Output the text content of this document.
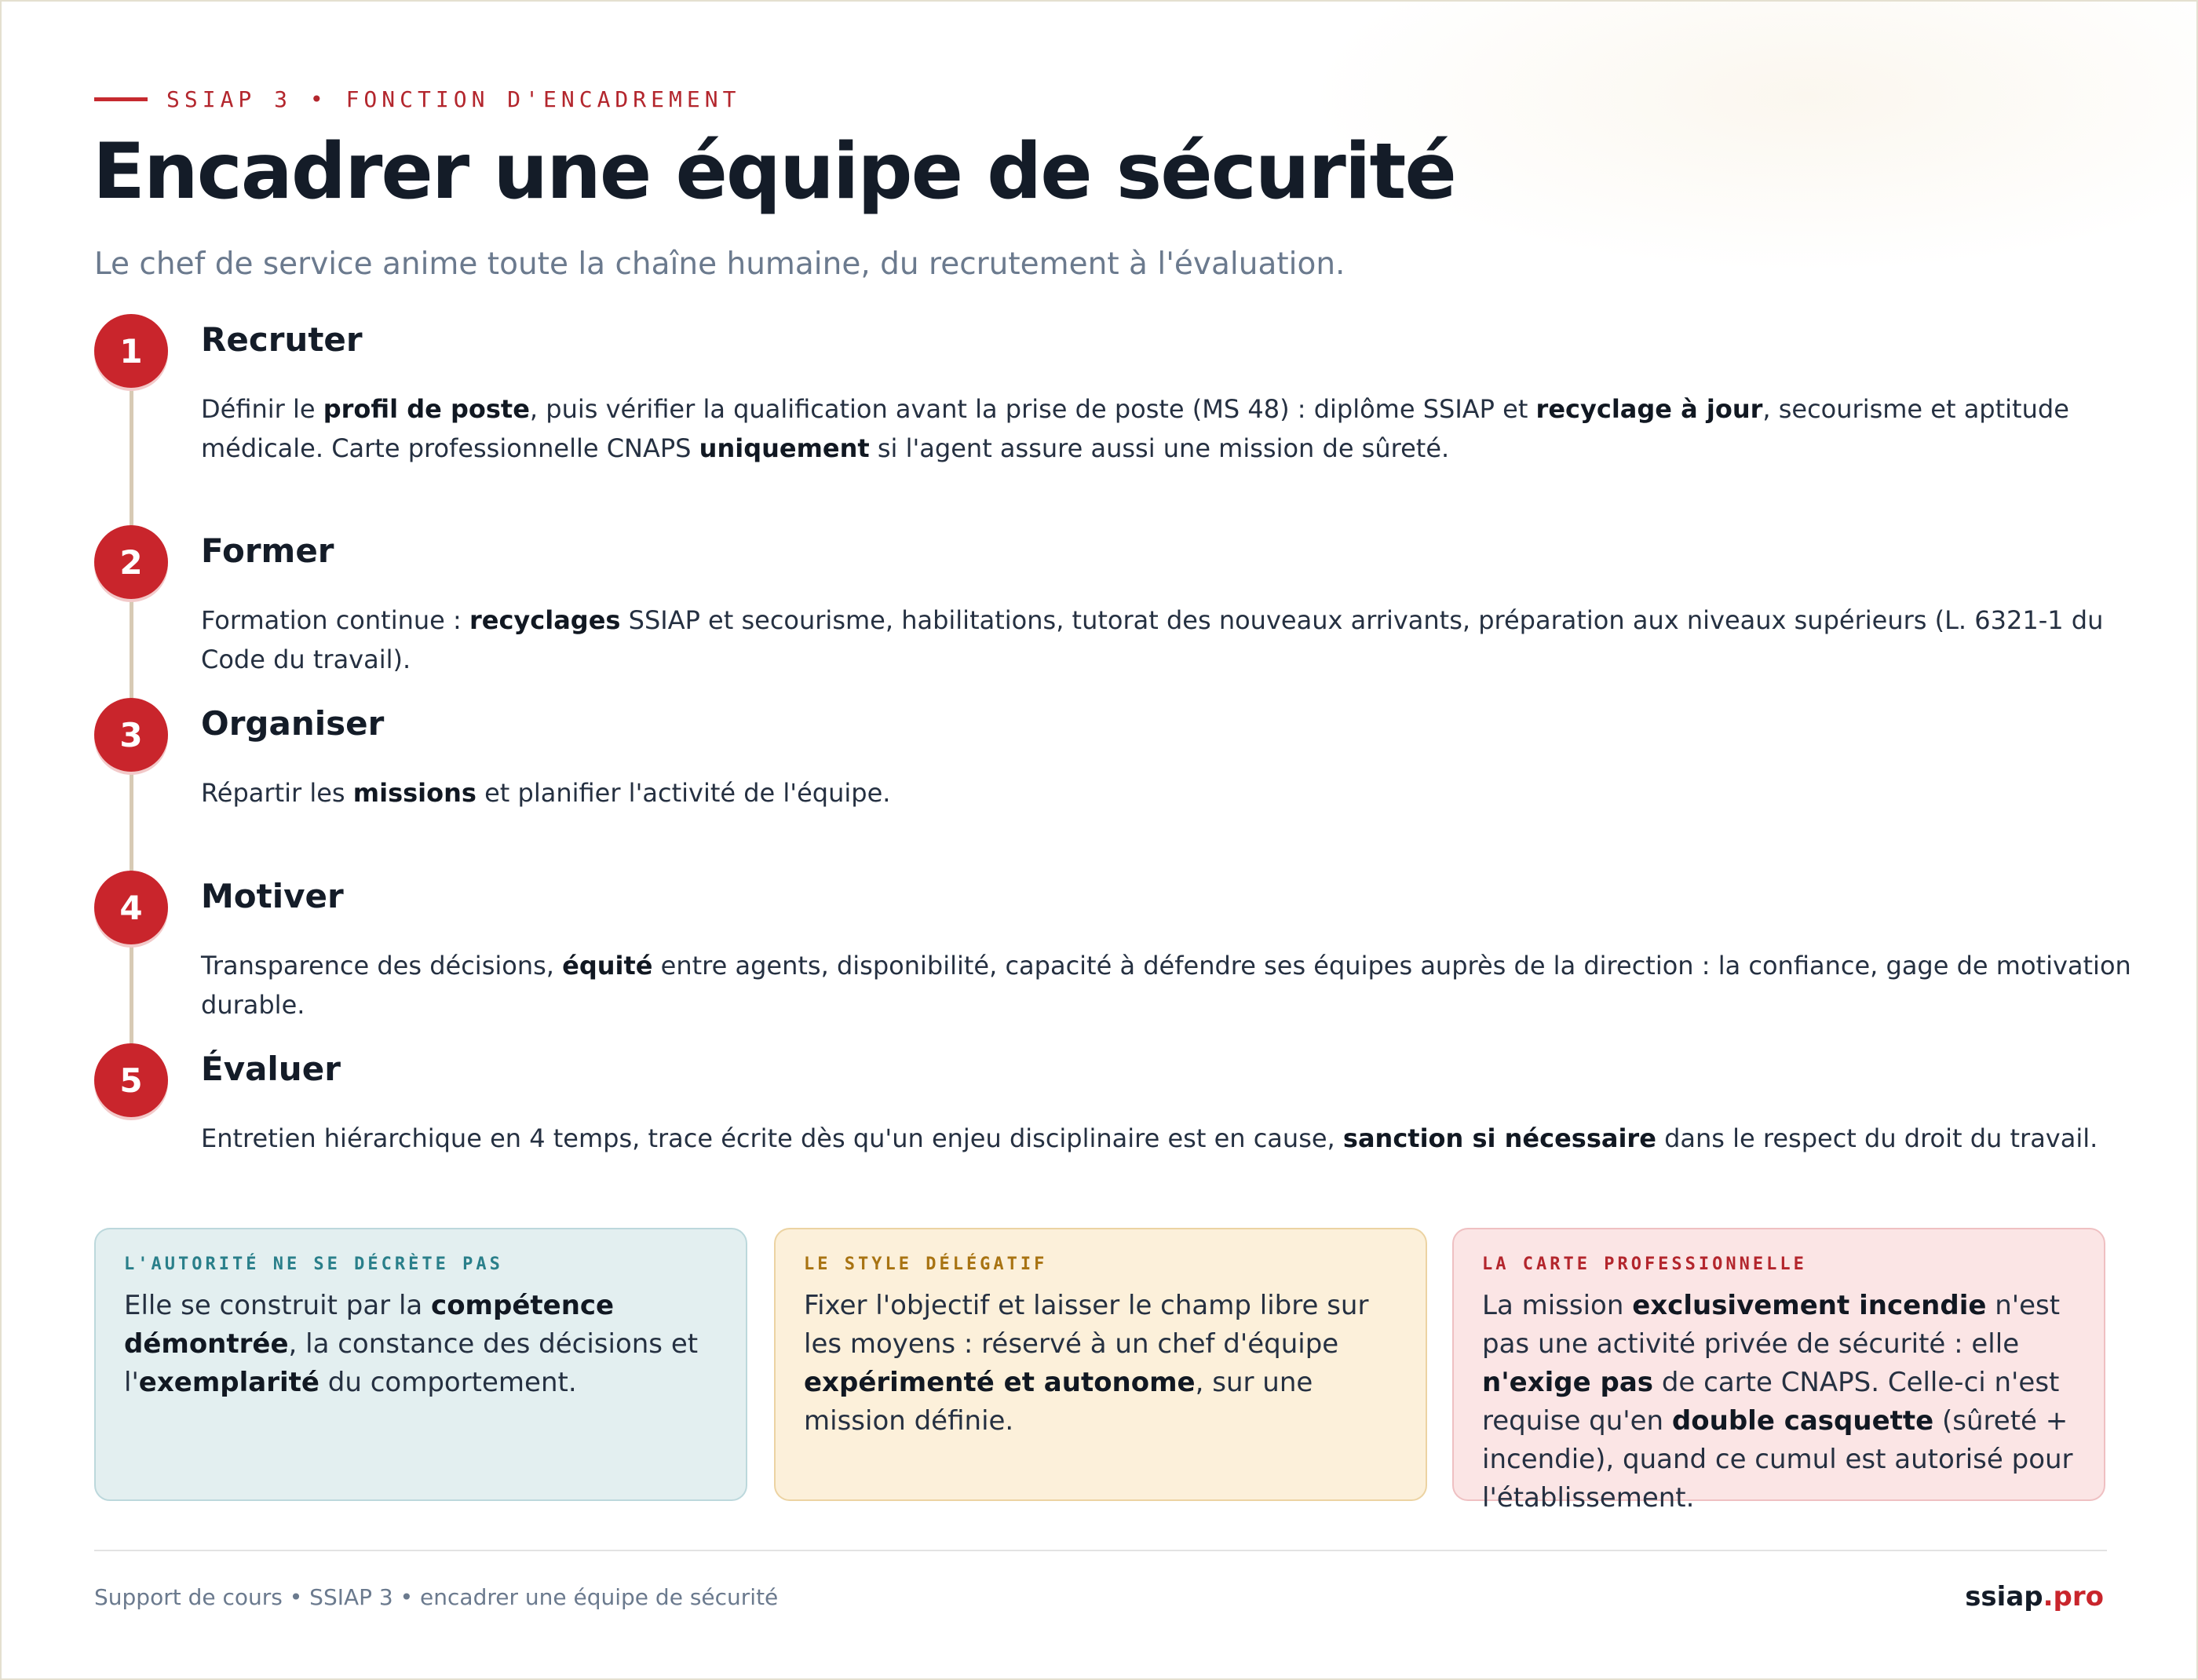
SSIAP 3 • FONCTION D'ENCADREMENT
Encadrer une équipe de sécurité

Le chef de service anime toute la chaîne humaine, du recrutement à l'évaluation.

1	Recruter
Définir le profil de poste, puis vérifier la qualification avant la prise de poste (MS 48) : diplôme SSIAP et recyclage à jour, secourisme et aptitude médicale. Carte professionnelle CNAPS uniquement si l'agent assure aussi une mission de sûreté.
2	Former
Formation continue : recyclages SSIAP et secourisme, habilitations, tutorat des nouveaux arrivants, préparation aux niveaux supérieurs (L. 6321-1 du Code du travail).
3	Organiser
Répartir les missions et planifier l'activité de l'équipe.
4	Motiver
Transparence des décisions, équité entre agents, disponibilité, capacité à défendre ses équipes auprès de la direction : la confiance, gage de motivation durable.
5	Évaluer
Entretien hiérarchique en 4 temps, trace écrite dès qu'un enjeu disciplinaire est en cause, sanction si nécessaire dans le respect du droit du travail.
L'AUTORITÉ NE SE DÉCRÈTE PAS
Elle se construit par la compétence démontrée, la constance des décisions et l'exemplarité du comportement.
LE STYLE DÉLÉGATIF
Fixer l'objectif et laisser le champ libre sur les moyens : réservé à un chef d'équipe expérimenté et autonome, sur une mission définie.
LA CARTE PROFESSIONNELLE
La mission exclusivement incendie n'est pas une activité privée de sécurité : elle n'exige pas de carte CNAPS. Celle-ci n'est requise qu'en double casquette (sûreté + incendie), quand ce cumul est autorisé pour l'établissement.
Support de cours • SSIAP 3 • encadrer une équipe de sécurité	ssiap.pro
